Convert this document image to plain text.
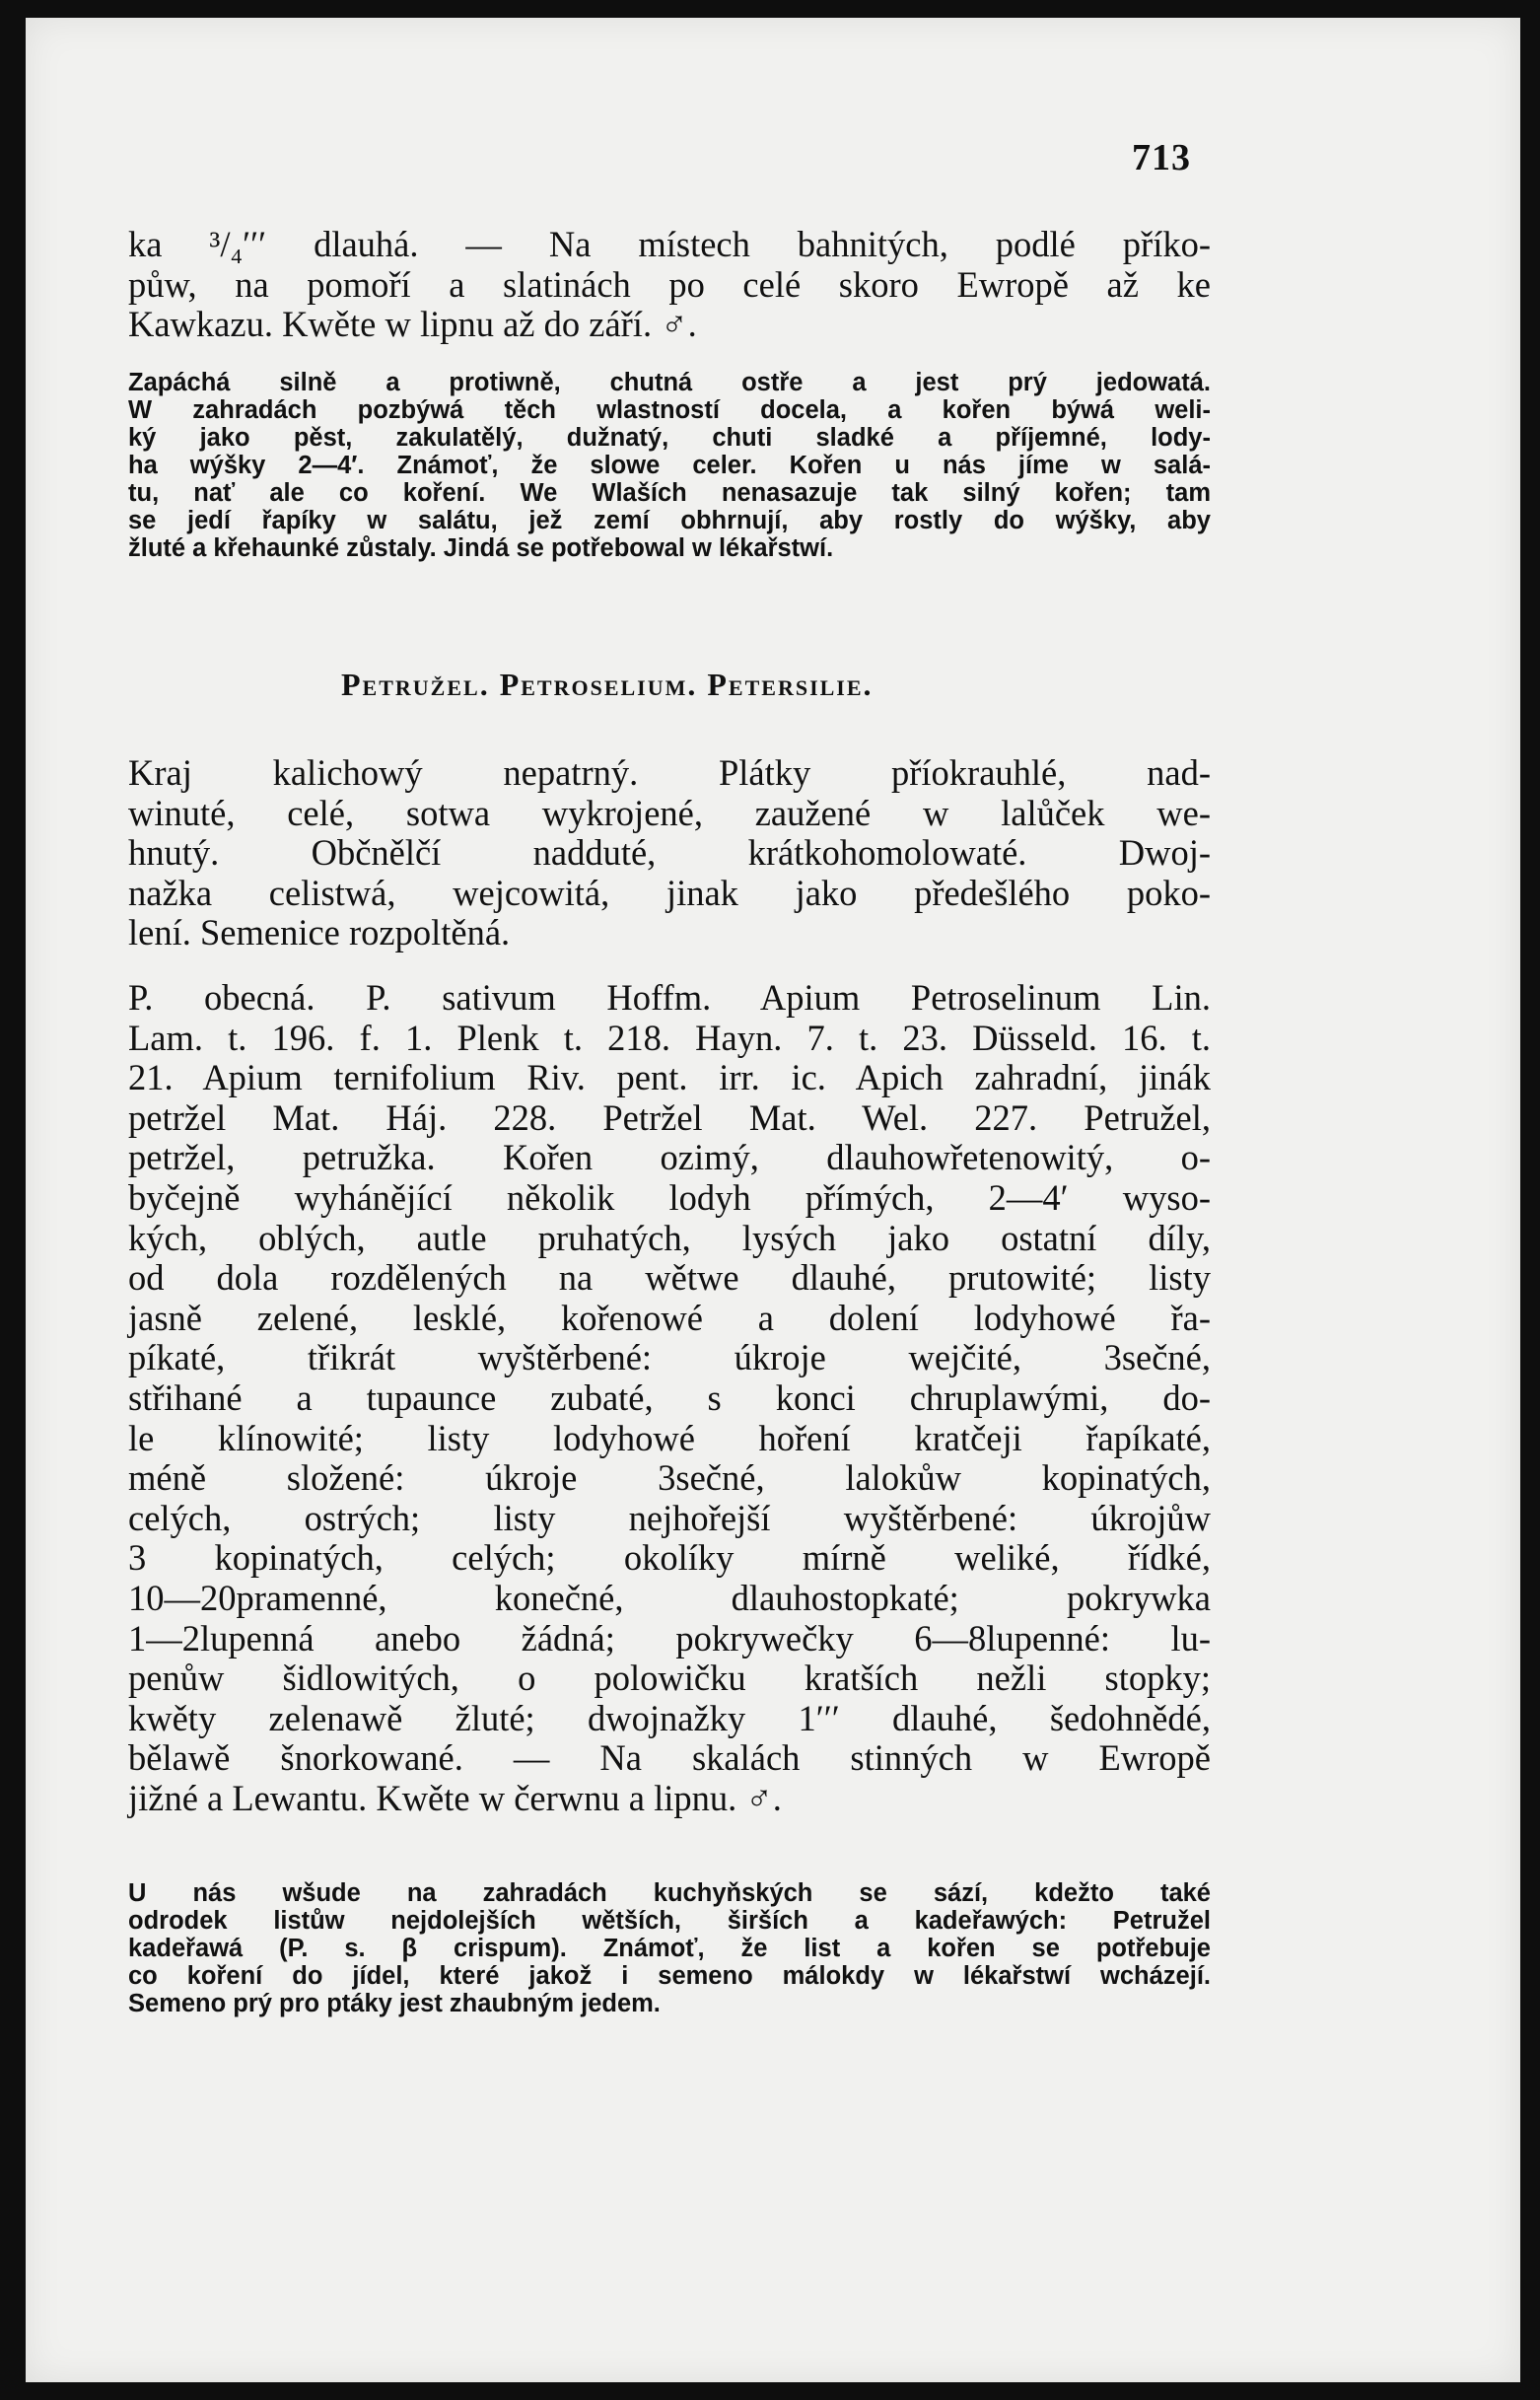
713
ka ³/₄′′′ dlauhá. — Na místech bahnitých, podlé příko-
půw, na pomoří a slatinách po celé skoro Ewropě až ke
Kawkazu. Kwěte w lipnu až do září. ♂.
Zapáchá silně a protiwně, chutná ostře a jest prý jedowatá.
W zahradách pozbýwá těch wlastností docela, a kořen býwá weli-
ký jako pěst, zakulatělý, dužnatý, chuti sladké a příjemné, lody-
ha wýšky 2—4′. Známoť, že slowe celer. Kořen u nás jíme w salá-
tu, nať ale co koření. We Wlaších nenasazuje tak silný kořen; tam
se jedí řapíky w salátu, jež zemí obhrnují, aby rostly do wýšky, aby
žluté a křehaunké zůstaly. Jindá se potřebowal w lékařstwí.
Petružel. Petroselium. Petersilie.
Kraj kalichowý nepatrný. Plátky příokrauhlé, nad-
winuté, celé, sotwa wykrojené, zaužené w lalůček we-
hnutý. Občnělčí nadduté, krátkohomolowaté. Dwoj-
nažka celistwá, wejcowitá, jinak jako předešlého poko-
lení. Semenice rozpoltěná.
P. obecná. P. sativum Hoffm. Apium Petroselinum Lin.
Lam. t. 196. f. 1. Plenk t. 218. Hayn. 7. t. 23. Düsseld. 16. t.
21. Apium ternifolium Riv. pent. irr. ic. Apich zahradní, jinák
petržel Mat. Háj. 228. Petržel Mat. Wel. 227. Petružel,
petržel, petružka. Kořen ozimý, dlauhowřetenowitý, o-
byčejně wyhánějící několik lodyh přímých, 2—4′ wyso-
kých, oblých, autle pruhatých, lysých jako ostatní díly,
od dola rozdělených na wětwe dlauhé, prutowité; listy
jasně zelené, lesklé, kořenowé a dolení lodyhowé řa-
píkaté, třikrát wyštěrbené: úkroje wejčité, 3sečné,
střihané a tupaunce zubaté, s konci chruplawými, do-
le klínowité; listy lodyhowé hoření kratčeji řapíkaté,
méně složené: úkroje 3sečné, lalokůw kopinatých,
celých, ostrých; listy nejhořejší wyštěrbené: úkrojůw
3 kopinatých, celých; okolíky mírně weliké, řídké,
10—20pramenné, konečné, dlauhostopkaté; pokrywka
1—2lupenná anebo žádná; pokrywečky 6—8lupenné: lu-
penůw šidlowitých, o polowičku kratších nežli stopky;
kwěty zelenawě žluté; dwojnažky 1′′′ dlauhé, šedohnědé,
bělawě šnorkowané. — Na skalách stinných w Ewropě
jižné a Lewantu. Kwěte w čerwnu a lipnu. ♂.
U nás wšude na zahradách kuchyňských se sází, kdežto také
odrodek listůw nejdolejších wětších, širších a kadeřawých: Petružel
kadeřawá (P. s. β crispum). Známoť, že list a kořen se potřebuje
co koření do jídel, které jakož i semeno málokdy w lékařstwí wcházejí.
Semeno prý pro ptáky jest zhaubným jedem.
